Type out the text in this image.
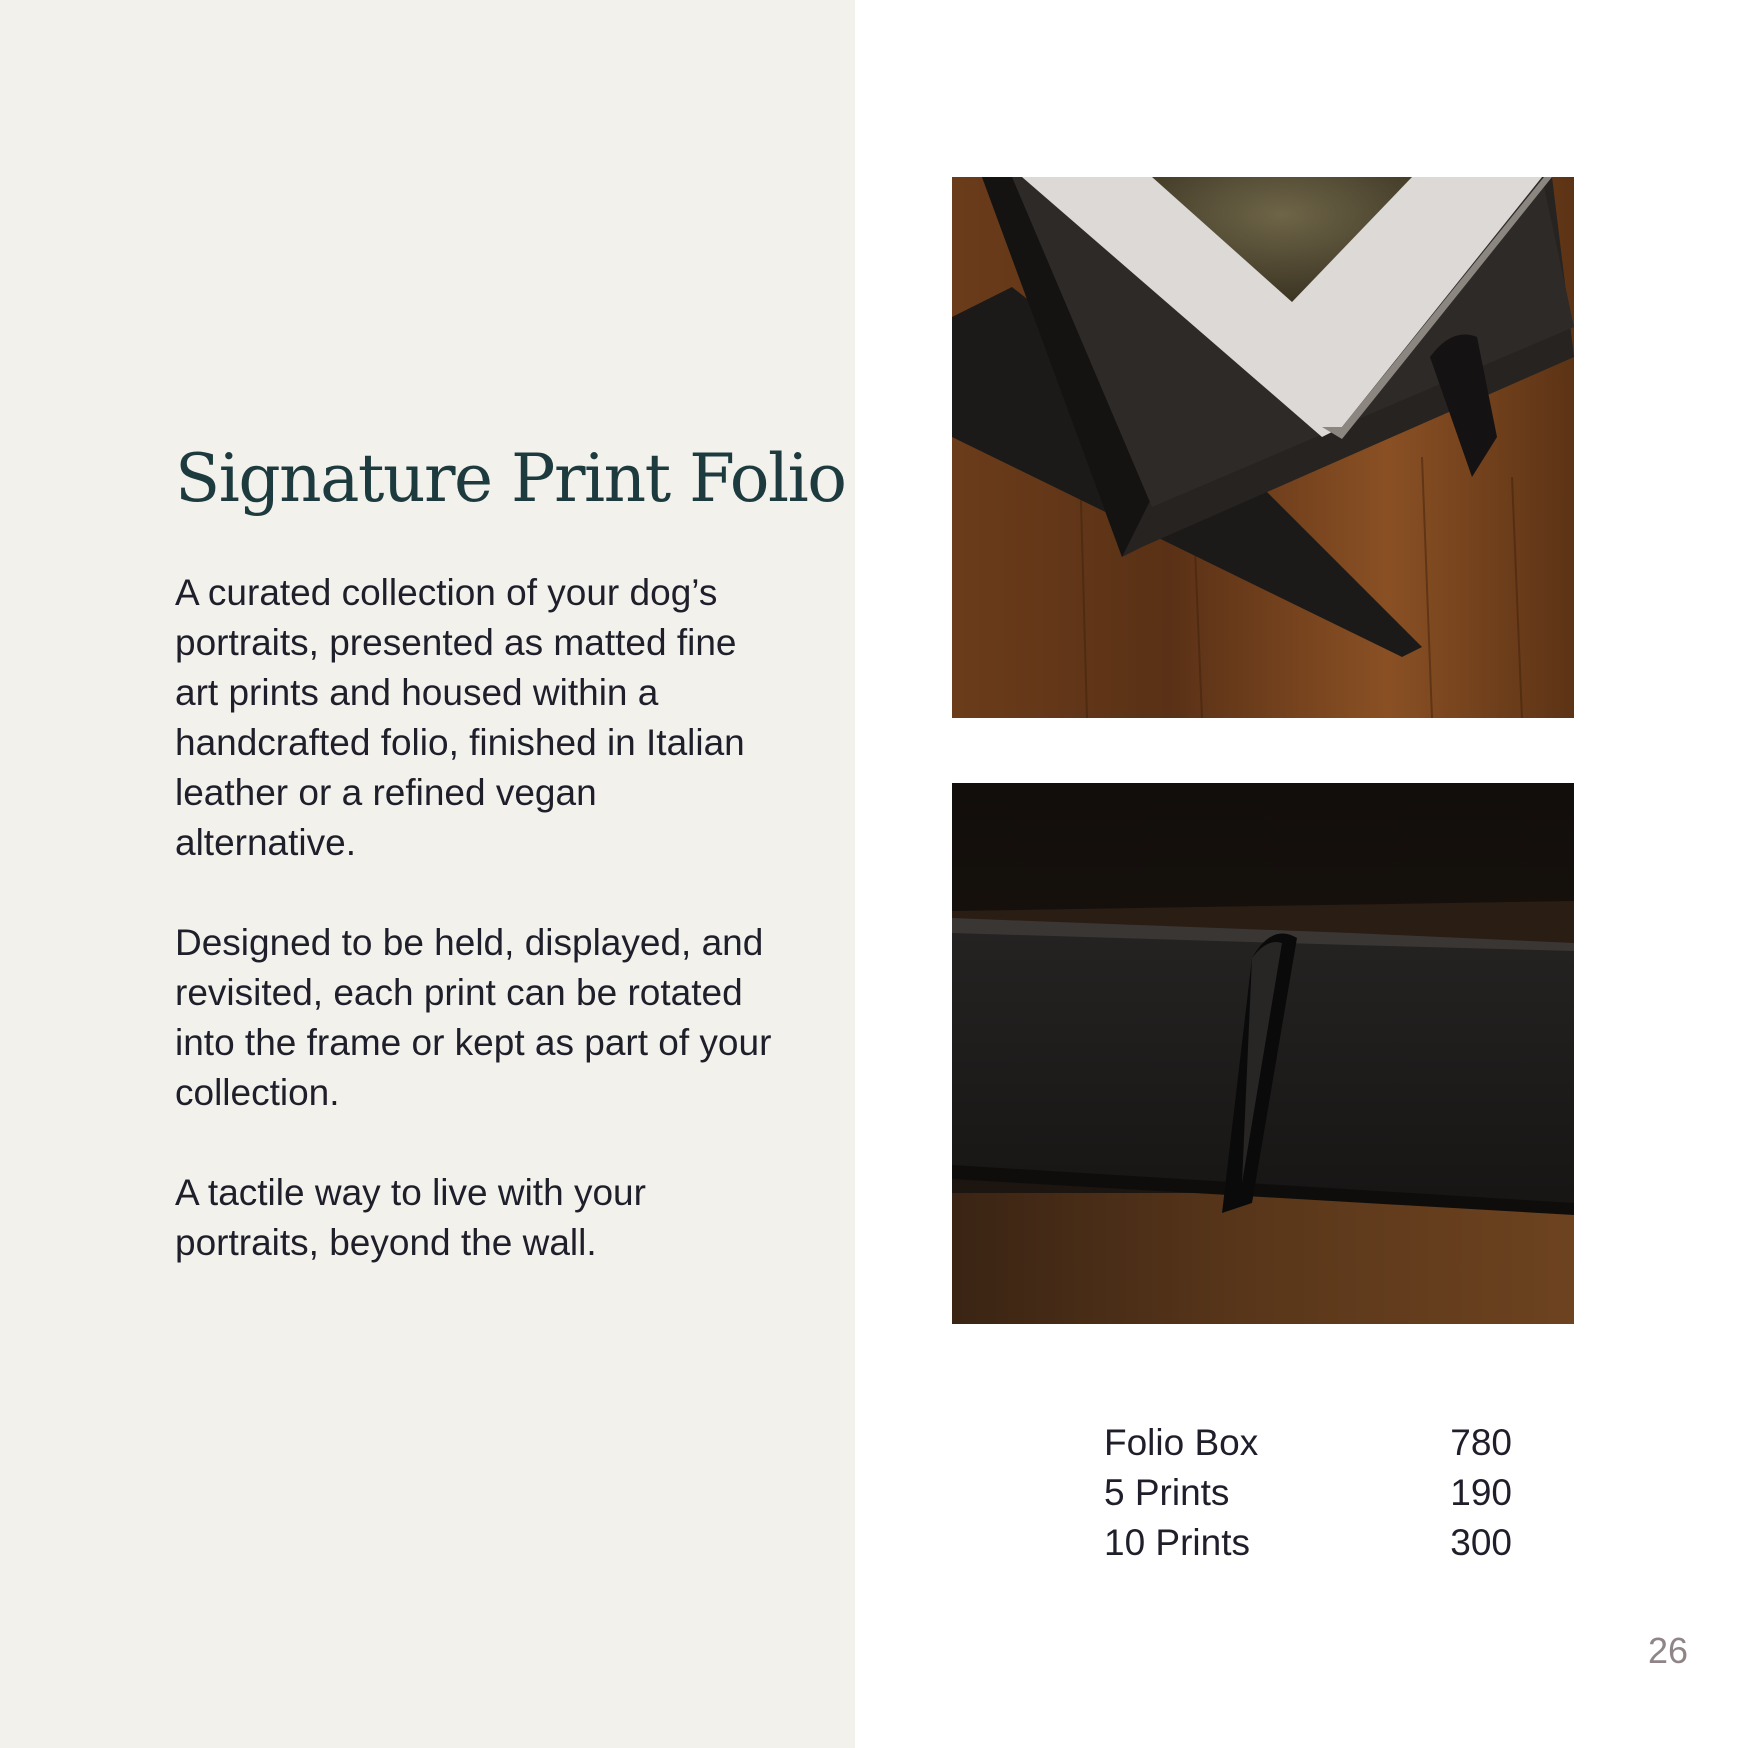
Signature Print Folio

A curated collection of your dog’s portraits, presented as matted fine art prints and housed within a handcrafted folio, finished in Italian leather or a refined vegan alternative.

Designed to be held, displayed, and revisited, each print can be rotated into the frame or kept as part of your collection.

A tactile way to live with your portraits, beyond the wall.

Folio Box	780
5 Prints	190
10 Prints	300
26
